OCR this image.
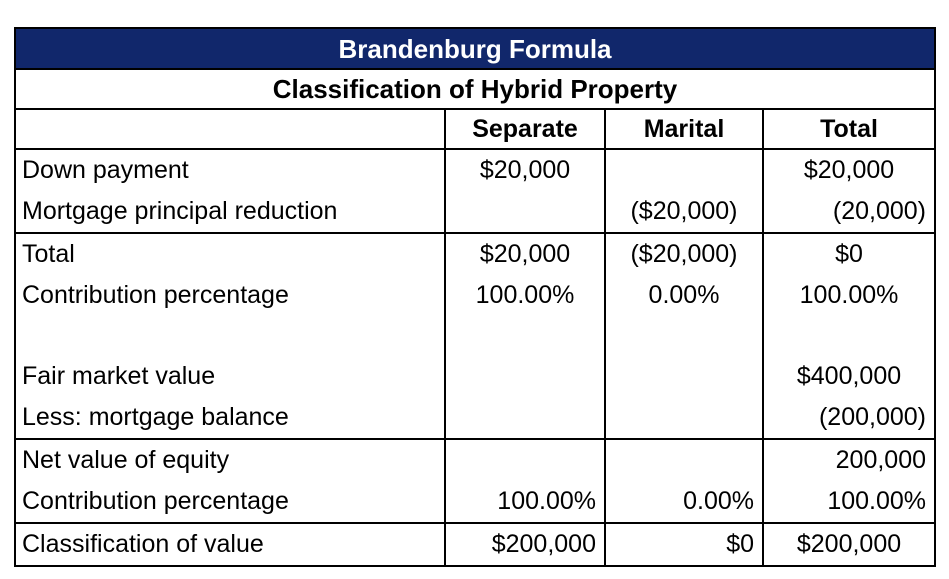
Brandenburg Formula			
Classification of Hybrid Property			
	Separate	Marital	Total
Down payment	$20,000		$20,000
Mortgage principal reduction		($20,000)	(20,000)
Total	$20,000	($20,000)	$0
Contribution percentage	100.00%	0.00%	100.00%

Fair market value			$400,000
Less: mortgage balance			(200,000)
Net value of equity			200,000
Contribution percentage	100.00%	0.00%	100.00%
Classification of value	$200,000	$0	$200,000
